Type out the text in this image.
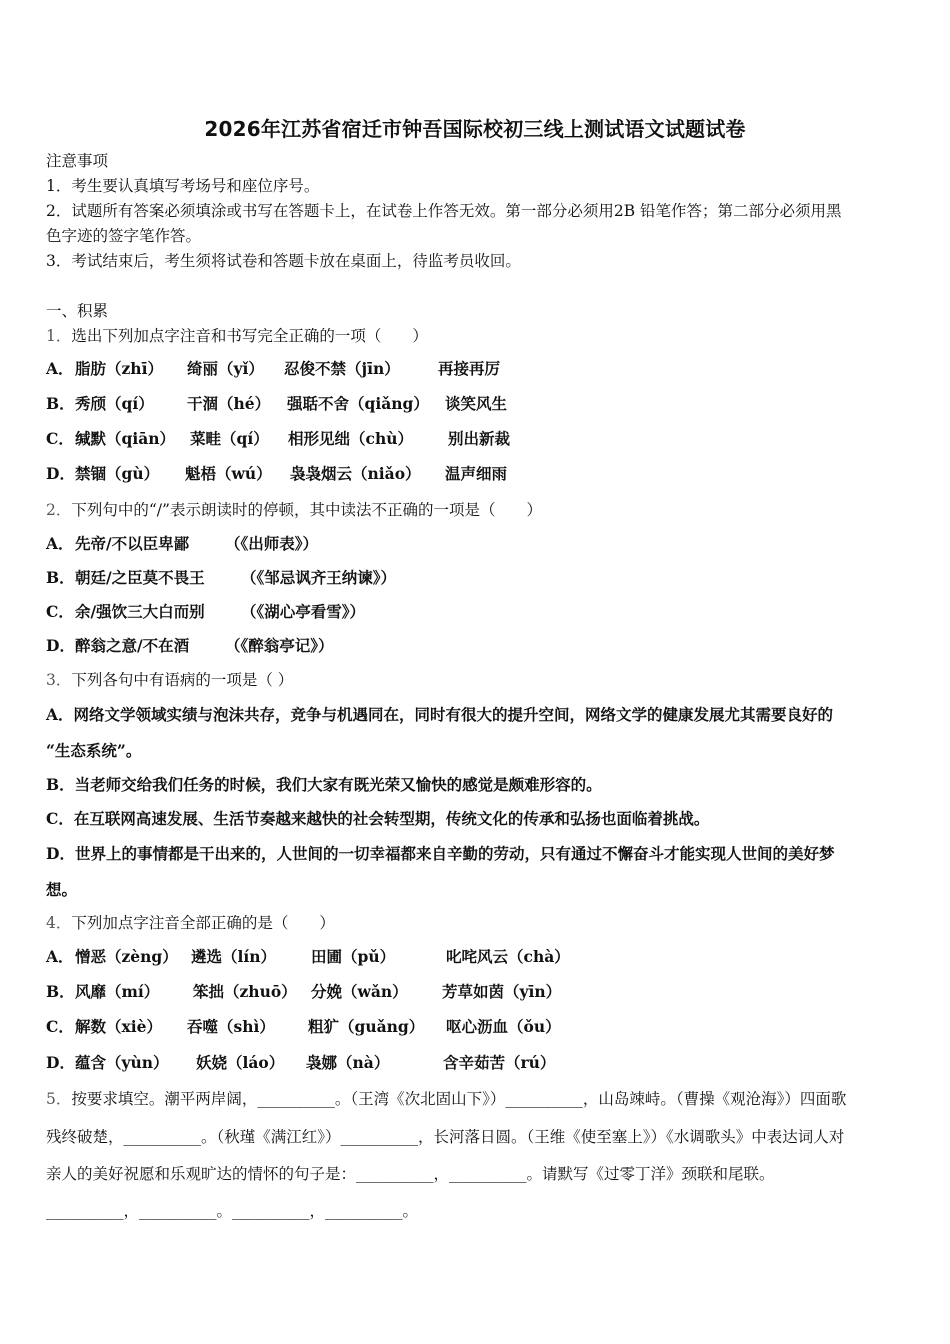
2026年江苏省宿迁市钟吾国际校初三线上测试语文试题试卷
注意事项
1．考生要认真填写考场号和座位序号。
2．试题所有答案必须填涂或书写在答题卡上，在试卷上作答无效。第一部分必须用2B 铅笔作答；第二部分必须用黑
色字迹的签字笔作答。
3．考试结束后，考生须将试卷和答题卡放在桌面上，待监考员收回。
一、积累
1．选出下列加点字注音和书写完全正确的一项（　　）
A．脂肪（zhī） 绮丽（yǐ） 忍俊不禁（jīn） 再接再厉
B．秀颀（qí） 干涸（hé） 强聒不舍（qiǎng） 谈笑风生
C．缄默（qiān） 菜畦（qí） 相形见绌（chù） 别出新裁
D．禁锢（gù） 魁梧（wú） 袅袅烟云（niǎo） 温声细雨
2．下列句中的“/”表示朗读时的停顿，其中读法不正确的一项是（　　）
A．先帝/不以臣卑鄙 （《出师表》）
B．朝廷/之臣莫不畏王 （《邹忌讽齐王纳谏》）
C．余/强饮三大白而别 （《湖心亭看雪》）
D．醉翁之意/不在酒 （《醉翁亭记》）
3．下列各句中有语病的一项是（ ）
A．网络文学领域实绩与泡沫共存，竞争与机遇同在，同时有很大的提升空间，网络文学的健康发展尤其需要良好的
“生态系统”。
B．当老师交给我们任务的时候，我们大家有既光荣又愉快的感觉是颇难形容的。
C．在互联网高速发展、生活节奏越来越快的社会转型期，传统文化的传承和弘扬也面临着挑战。
D．世界上的事情都是干出来的，人世间的一切幸福都来自辛勤的劳动，只有通过不懈奋斗才能实现人世间的美好梦
想。
4．下列加点字注音全部正确的是（　　）
A．憎恶（zèng） 遴选（lín） 田圃（pǔ）	叱咤风云（chà）
B．风靡（mí） 笨拙（zhuō） 分娩（wǎn） 芳草如茵（yīn）
C．解数（xiè） 吞噬（shì） 粗犷（guǎng） 呕心沥血（ǒu）
D．蕴含（yùn） 妖娆（láo） 袅娜（nà）	含辛茹苦（rú）
5．按要求填空。潮平两岸阔，__________。（王湾《次北固山下》）__________，山岛竦峙。（曹操《观沧海》）四面歌
残终破楚，__________。（秋瑾《满江红》）__________，长河落日圆。（王维《使至塞上》）《水调歌头》中表达词人对
亲人的美好祝愿和乐观旷达的情怀的句子是：__________，__________。请默写《过零丁洋》颈联和尾联。
__________，__________。__________，__________。
